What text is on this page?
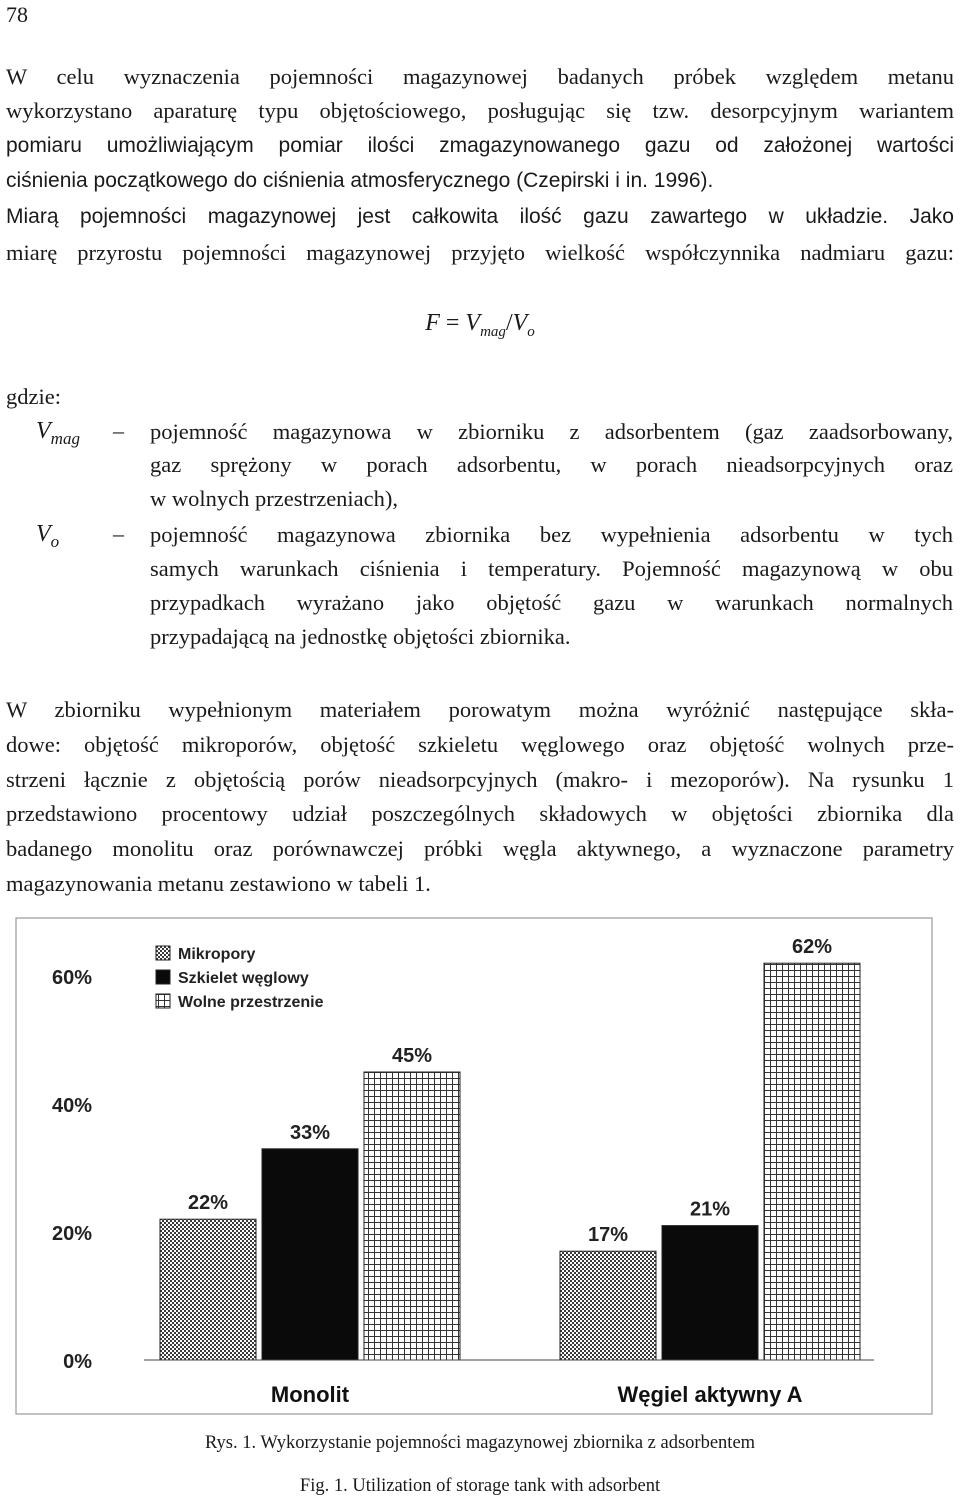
78
W celu wyznaczenia pojemności magazynowej badanych próbek względem metanu
wykorzystano aparaturę typu objętościowego, posługując się tzw. desorpcyjnym wariantem
pomiaru umożliwiającym pomiar ilości zmagazynowanego gazu od założonej wartości
ciśnienia początkowego do ciśnienia atmosferycznego (Czepirski i in. 1996).
Miarą pojemności magazynowej jest całkowita ilość gazu zawartego w układzie. Jako
miarę przyrostu pojemności magazynowej przyjęto wielkość współczynnika nadmiaru gazu:
$F = V_{mag}/V_o$
gdzie:
$V_{mag}$ – pojemność magazynowa w zbiorniku z adsorbentem (gaz zaadsorbowany,
gaz sprężony w porach adsorbentu, w porach nieadsorpcyjnych oraz
w wolnych przestrzeniach),
$V_o$ – pojemność magazynowa zbiornika bez wypełnienia adsorbentu w tych
samych warunkach ciśnienia i temperatury. Pojemność magazynową w obu
przypadkach wyrażano jako objętość gazu w warunkach normalnych
przypadającą na jednostkę objętości zbiornika.
W zbiorniku wypełnionym materiałem porowatym można wyróżnić następujące skła-
dowe: objętość mikroporów, objętość szkieletu węglowego oraz objętość wolnych prze-
strzeni łącznie z objętością porów nieadsorpcyjnych (makro- i mezoporów). Na rysunku 1
przedstawiono procentowy udział poszczególnych składowych w objętości zbiornika dla
badanego monolitu oraz porównawczej próbki węgla aktywnego, a wyznaczone parametry
magazynowania metanu zestawiono w tabeli 1.
0%
20%
40%
60%
22%
33%
45%
Monolit
17%
21%
62%
Węgiel aktywny A
Mikropory
Szkielet węglowy
Wolne przestrzenie
Rys. 1. Wykorzystanie pojemności magazynowej zbiornika z adsorbentem
Fig. 1. Utilization of storage tank with adsorbent
